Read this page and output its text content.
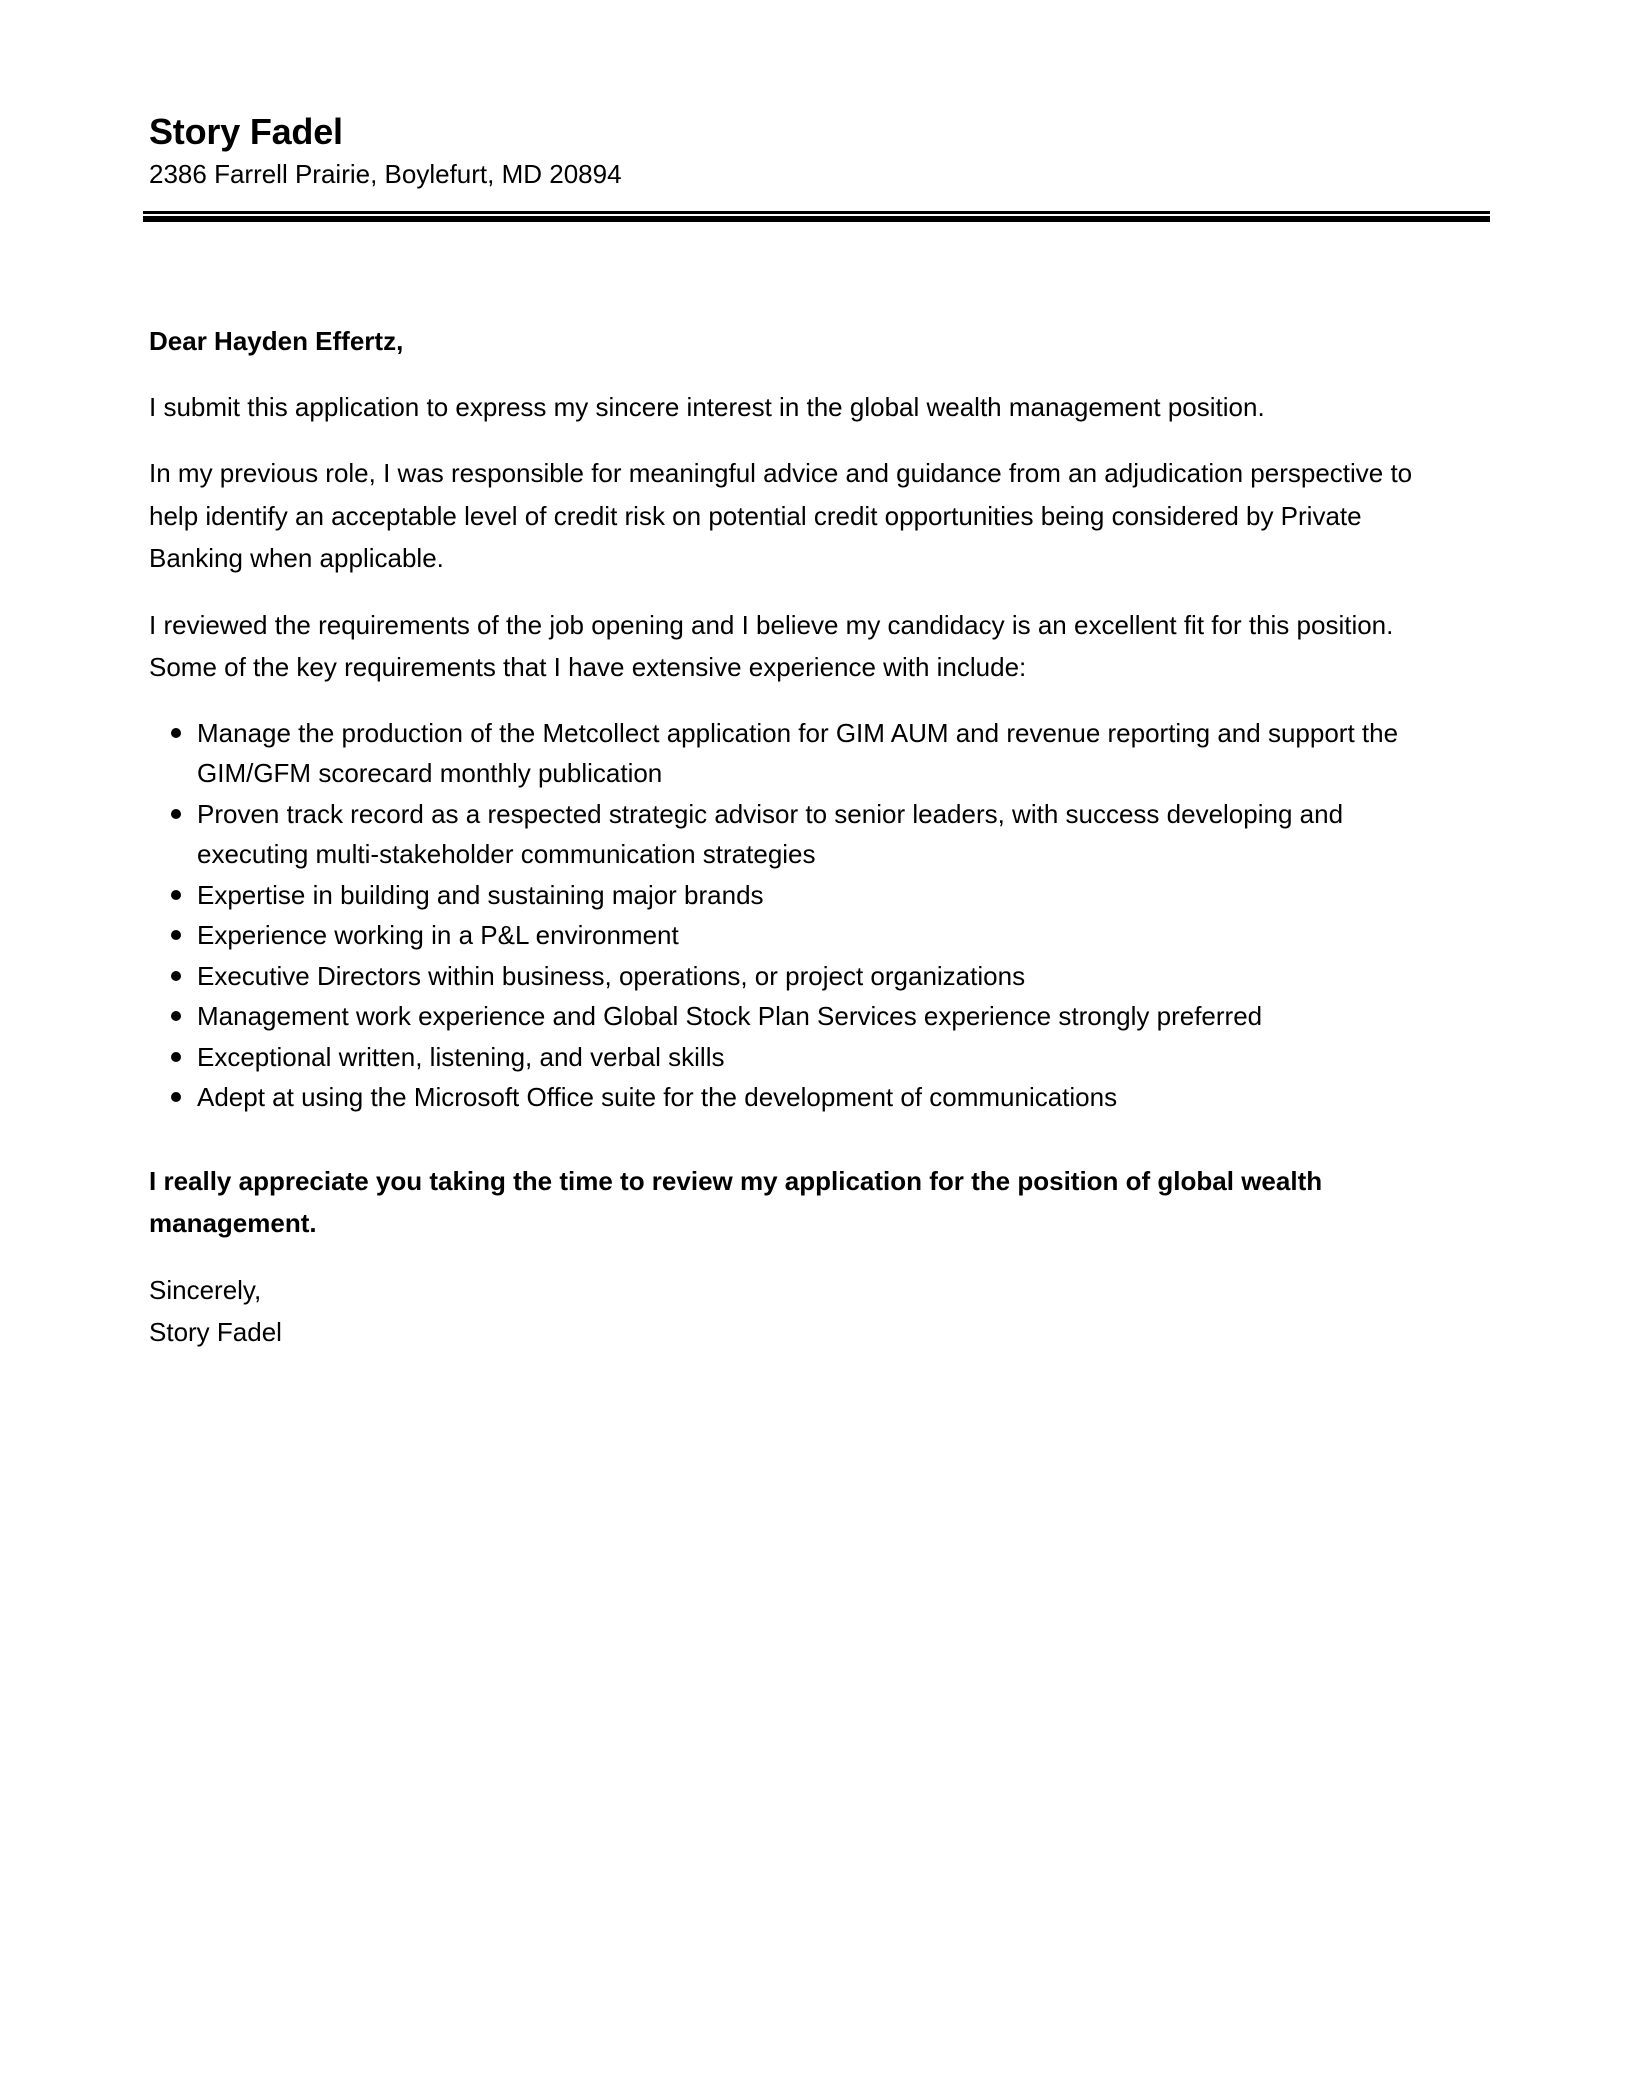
Story Fadel

2386 Farrell Prairie, Boylefurt, MD 20894

Dear Hayden Effertz,

I submit this application to express my sincere interest in the global wealth management position.

In my previous role, I was responsible for meaningful advice and guidance from an adjudication perspective to help identify an acceptable level of credit risk on potential credit opportunities being considered by Private Banking when applicable.

I reviewed the requirements of the job opening and I believe my candidacy is an excellent fit for this position. Some of the key requirements that I have extensive experience with include:

Manage the production of the Metcollect application for GIM AUM and revenue reporting and support the GIM/GFM scorecard monthly publication
Proven track record as a respected strategic advisor to senior leaders, with success developing and executing multi-stakeholder communication strategies
Expertise in building and sustaining major brands
Experience working in a P&L environment
Executive Directors within business, operations, or project organizations
Management work experience and Global Stock Plan Services experience strongly preferred
Exceptional written, listening, and verbal skills
Adept at using the Microsoft Office suite for the development of communications

I really appreciate you taking the time to review my application for the position of global wealth management.

Sincerely,

Story Fadel
